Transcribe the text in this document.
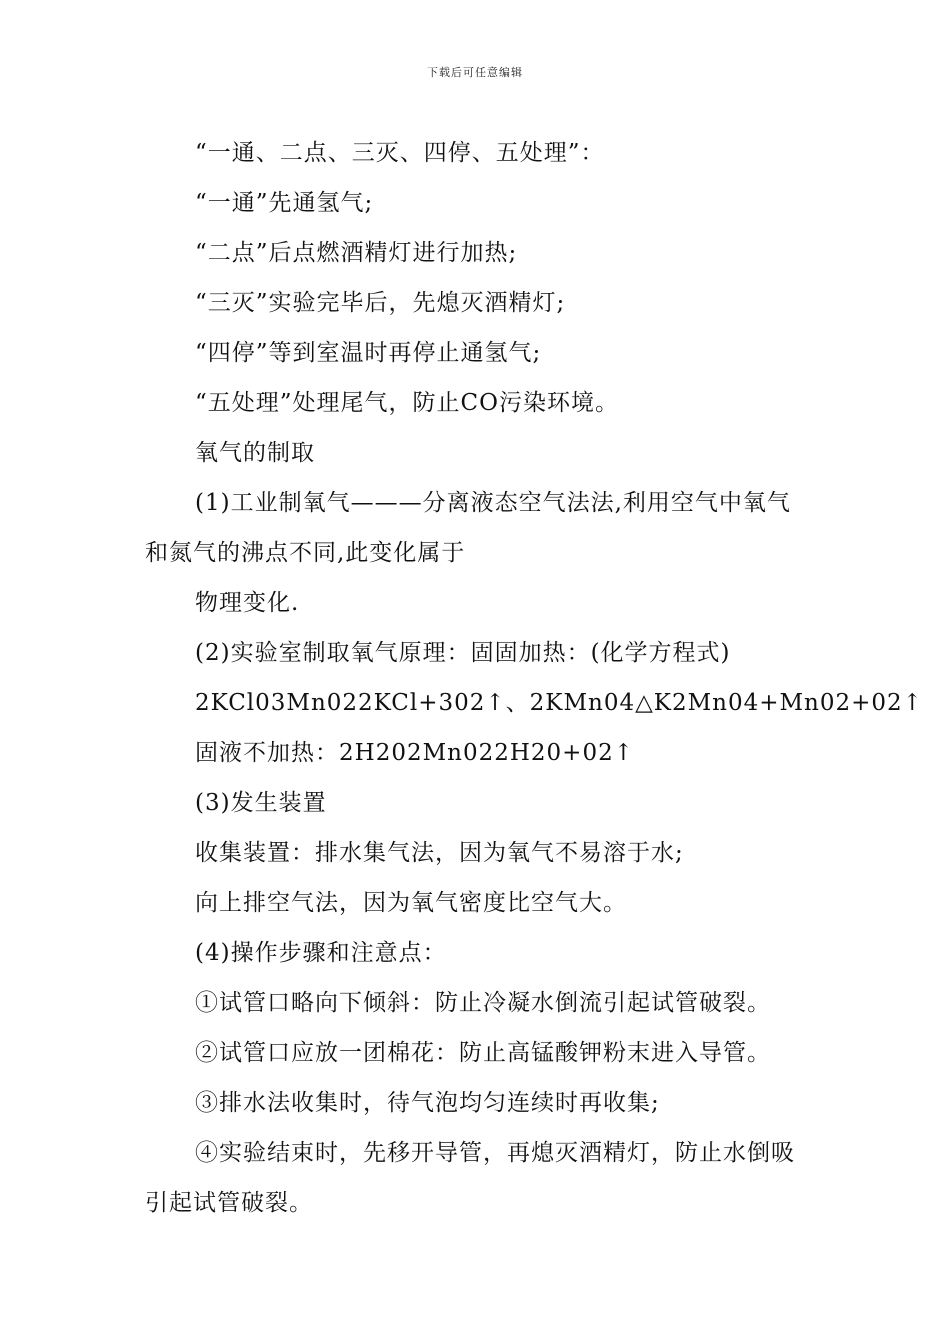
下载后可任意编辑

“一通、二点、三灭、四停、五处理”：

“一通”先通氢气;

“二点”后点燃酒精灯进行加热;

“三灭”实验完毕后，先熄灭酒精灯;

“四停”等到室温时再停止通氢气;

“五处理”处理尾气，防止CO污染环境。

氧气的制取

(1)工业制氧气———分离液态空气法法,利用空气中氧气和氮气的沸点不同,此变化属于

物理变化.

(2)实验室制取氧气原理：固固加热：(化学方程式)

2KCl03Mn022KCl+302↑、2KMn04△K2Mn04+Mn02+02↑

固液不加热：2H202Mn022H20+02↑

(3)发生装置

收集装置：排水集气法，因为氧气不易溶于水;

向上排空气法，因为氧气密度比空气大。

(4)操作步骤和注意点：

①试管口略向下倾斜：防止冷凝水倒流引起试管破裂。

②试管口应放一团棉花：防止高锰酸钾粉末进入导管。

③排水法收集时，待气泡均匀连续时再收集;

④实验结束时，先移开导管，再熄灭酒精灯，防止水倒吸引起试管破裂。
